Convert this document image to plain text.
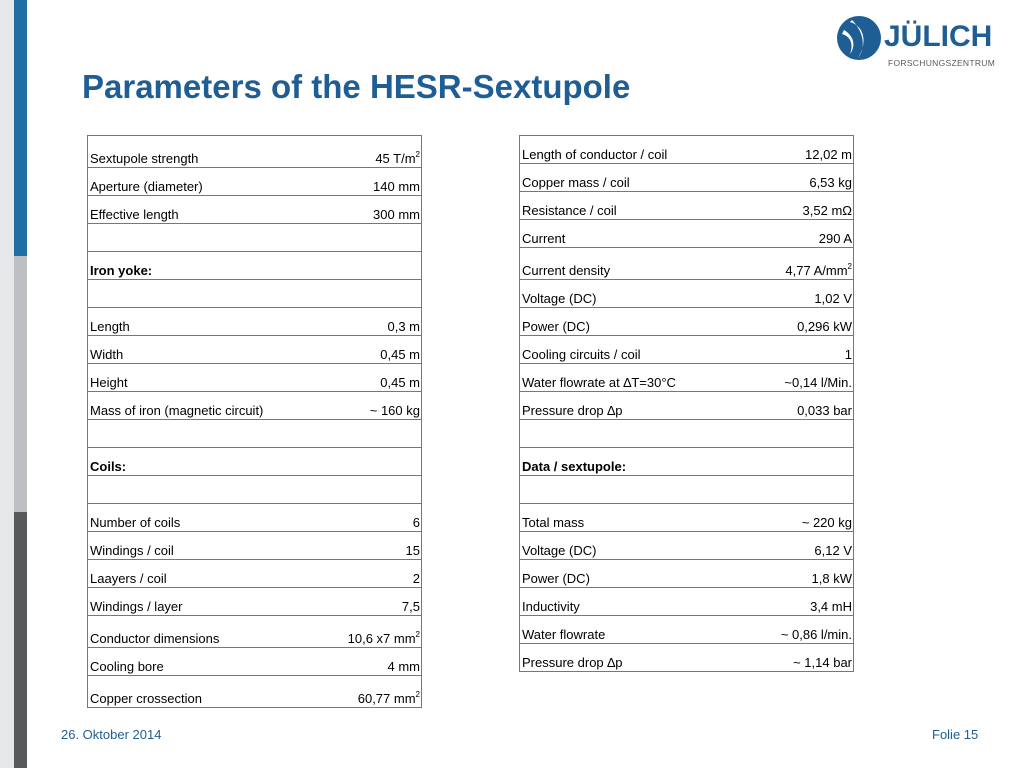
Parameters of the HESR-Sextupole
JÜLICH
FORSCHUNGSZENTRUM
Sextupole strength	45 $T/m^2$
Aperture (diameter)	140 mm
Effective length	300 mm

Iron yoke:	

Length	0,3 m
Width	0,45 m
Height	0,45 m
Mass of iron (magnetic circuit)	~ 160 kg

Coils:	

Number of coils	6
Windings / coil	15
Laayers / coil	2
Windings / layer	7,5
Conductor dimensions	10,6 x7 $mm^2$
Cooling bore	4 mm
Copper crossection	60,77 $mm^2$
Length of conductor / coil	12,02 m
Copper mass / coil	6,53 kg
Resistance / coil	3,52 mΩ
Current	290 A
Current density	4,77 $A/mm^2$
Voltage (DC)	1,02 V
Power (DC)	0,296 kW
Cooling circuits / coil	1
Water flowrate at ∆T=30°C	~0,14 l/Min.
Pressure drop ∆p	0,033 bar

Data / sextupole:	

Total mass	~ 220 kg
Voltage (DC)	6,12 V
Power (DC)	1,8 kW
Inductivity	3,4 mH
Water flowrate	~ 0,86 l/min.
Pressure drop ∆p	~ 1,14 bar
26. Oktober 2014	Folie 15
